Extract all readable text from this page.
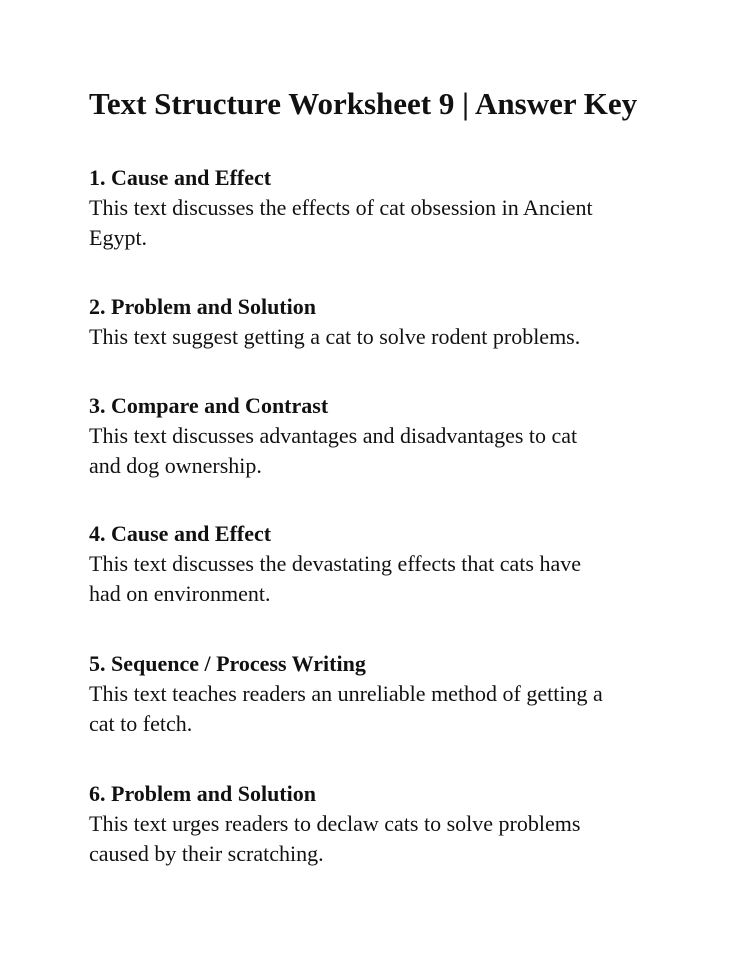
Text Structure Worksheet 9 | Answer Key
1. Cause and Effect
This text discusses the effects of cat obsession in Ancient
Egypt.
2. Problem and Solution
This text suggest getting a cat to solve rodent problems.
3. Compare and Contrast
This text discusses advantages and disadvantages to cat
and dog ownership.
4. Cause and Effect
This text discusses the devastating effects that cats have
had on environment.
5. Sequence / Process Writing
This text teaches readers an unreliable method of getting a
cat to fetch.
6. Problem and Solution
This text urges readers to declaw cats to solve problems
caused by their scratching.
